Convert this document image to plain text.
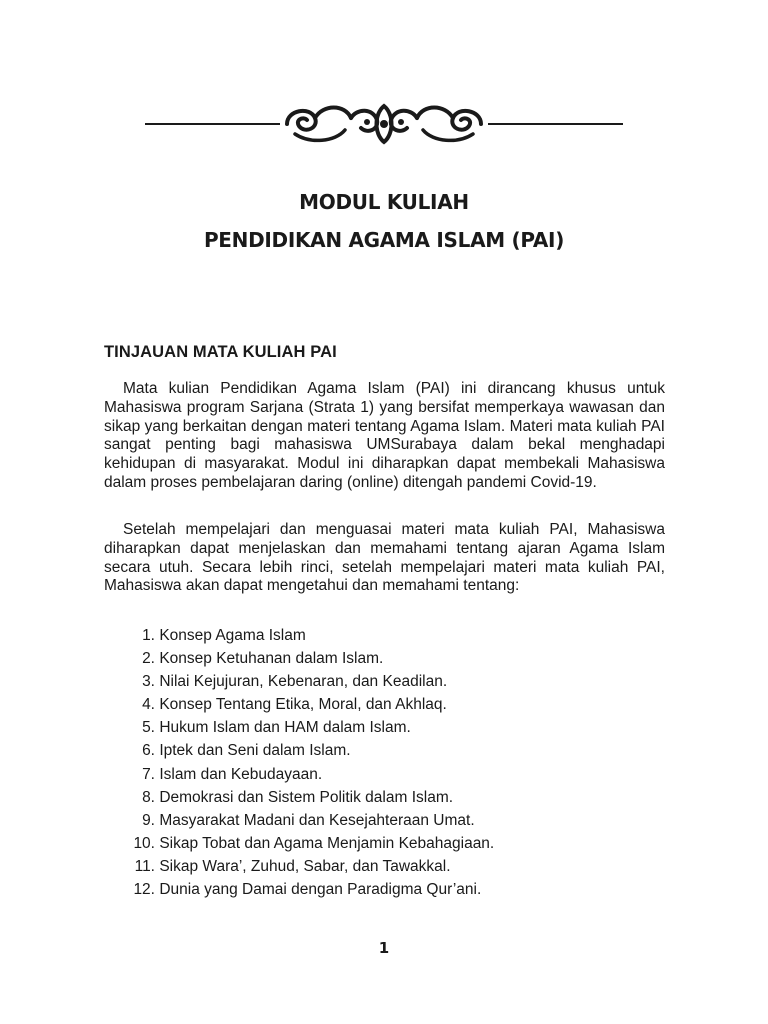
MODUL KULIAH
PENDIDIKAN AGAMA ISLAM (PAI)
TINJAUAN MATA KULIAH PAI

Mata kulian Pendidikan Agama Islam (PAI) ini dirancang khusus untuk Mahasiswa program Sarjana (Strata 1) yang bersifat memperkaya wawasan dan sikap yang berkaitan dengan materi tentang Agama Islam. Materi mata kuliah PAI sangat penting bagi mahasiswa UMSurabaya dalam bekal menghadapi kehidupan di masyarakat. Modul ini diharapkan dapat membekali Mahasiswa dalam proses pembelajaran daring (online) ditengah pandemi Covid-19.

Setelah mempelajari dan menguasai materi mata kuliah PAI, Mahasiswa diharapkan dapat menjelaskan dan memahami tentang ajaran Agama Islam secara utuh. Secara lebih rinci, setelah mempelajari materi mata kuliah PAI, Mahasiswa akan dapat mengetahui dan memahami tentang:

1. Konsep Agama Islam
2. Konsep Ketuhanan dalam Islam.
3. Nilai Kejujuran, Kebenaran, dan Keadilan.
4. Konsep Tentang Etika, Moral, dan Akhlaq.
5. Hukum Islam dan HAM dalam Islam.
6. Iptek dan Seni dalam Islam.
7. Islam dan Kebudayaan.
8. Demokrasi dan Sistem Politik dalam Islam.
9. Masyarakat Madani dan Kesejahteraan Umat.
10. Sikap Tobat dan Agama Menjamin Kebahagiaan.
11. Sikap Wara’, Zuhud, Sabar, dan Tawakkal.
12. Dunia yang Damai dengan Paradigma Qur’ani.
1
